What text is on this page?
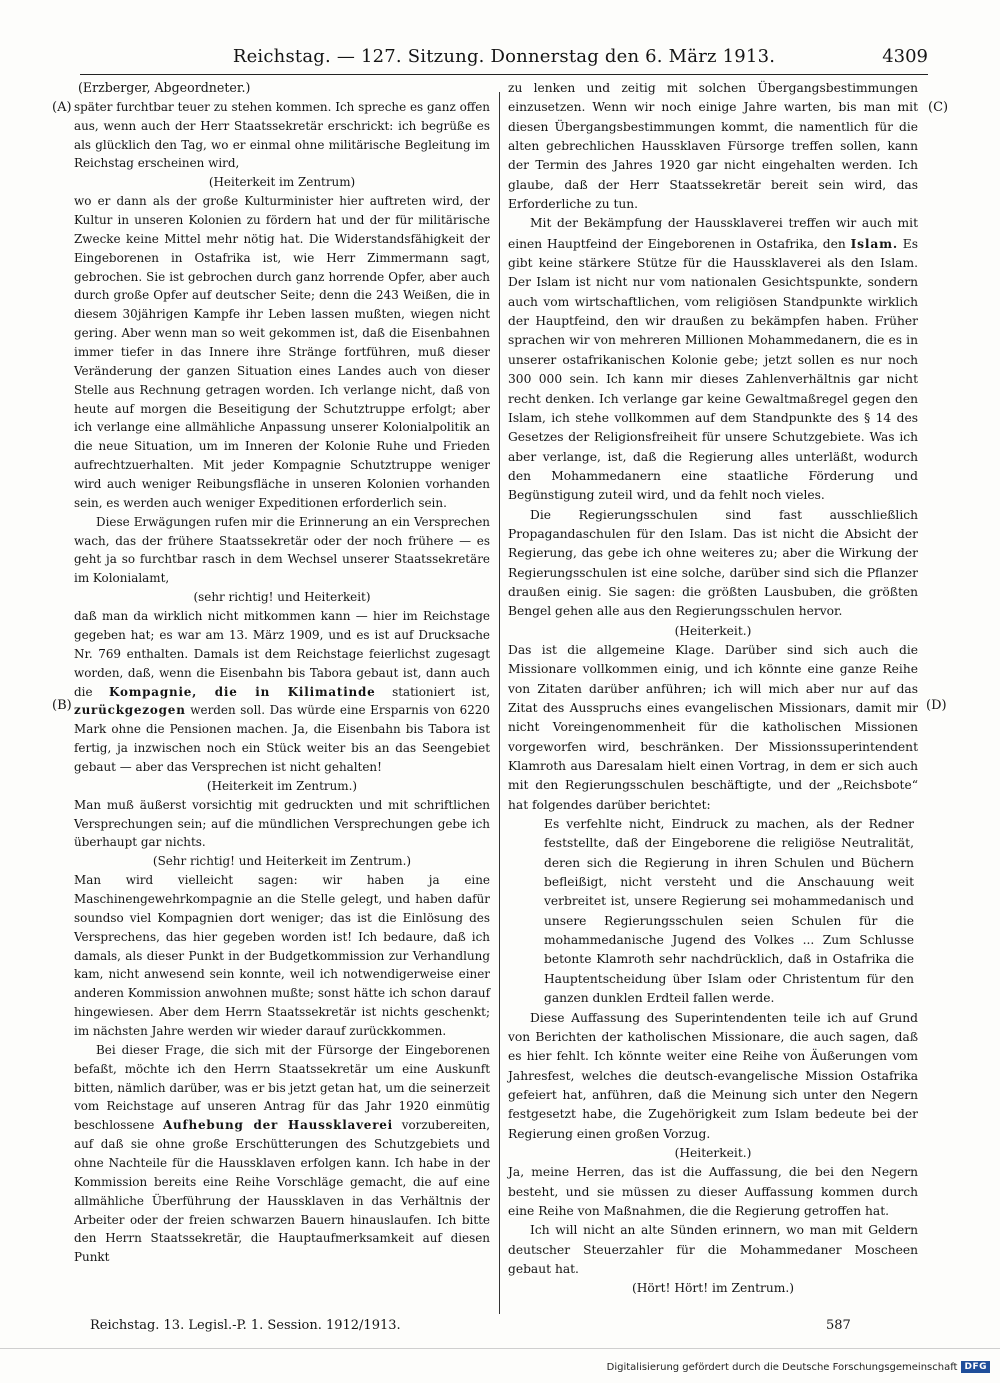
Reichstag. — 127. Sitzung. Donnerstag den 6. März 1913.	4309
(A)
(B)
(C)
(D)

(Erzberger, Abgeordneter.)

später furchtbar teuer zu stehen kommen. Ich spreche es ganz offen aus, wenn auch der Herr Staatssekretär erschrickt: ich begrüße es als glücklich den Tag, wo er einmal ohne militärische Begleitung im Reichstag erscheinen wird,

(Heiterkeit im Zentrum)

wo er dann als der große Kulturminister hier auftreten wird, der Kultur in unseren Kolonien zu fördern hat und der für militärische Zwecke keine Mittel mehr nötig hat. Die Widerstandsfähigkeit der Eingeborenen in Ostafrika ist, wie Herr Zimmermann sagt, gebrochen. Sie ist gebrochen durch ganz horrende Opfer, aber auch durch große Opfer auf deutscher Seite; denn die 243 Weißen, die in diesem 30jährigen Kampfe ihr Leben lassen mußten, wiegen nicht gering. Aber wenn man so weit gekommen ist, daß die Eisenbahnen immer tiefer in das Innere ihre Stränge fortführen, muß dieser Veränderung der ganzen Situation eines Landes auch von dieser Stelle aus Rechnung getragen worden. Ich verlange nicht, daß von heute auf morgen die Beseitigung der Schutztruppe erfolgt; aber ich verlange eine allmähliche Anpassung unserer Kolonialpolitik an die neue Situation, um im Inneren der Kolonie Ruhe und Frieden aufrechtzuerhalten. Mit jeder Kompagnie Schutztruppe weniger wird auch weniger Reibungsfläche in unseren Kolonien vorhanden sein, es werden auch weniger Expeditionen erforderlich sein.

Diese Erwägungen rufen mir die Erinnerung an ein Versprechen wach, das der frühere Staatssekretär oder der noch frühere — es geht ja so furchtbar rasch in dem Wechsel unserer Staatssekretäre im Kolonialamt,

(sehr richtig! und Heiterkeit)

daß man da wirklich nicht mitkommen kann — hier im Reichstage gegeben hat; es war am 13. März 1909, und es ist auf Drucksache Nr. 769 enthalten. Damals ist dem Reichstage feierlichst zugesagt worden, daß, wenn die Eisenbahn bis Tabora gebaut ist, dann auch die Kompagnie, die in Kilimatinde stationiert ist, zurückgezogen werden soll. Das würde eine Ersparnis von 6220 Mark ohne die Pensionen machen. Ja, die Eisenbahn bis Tabora ist fertig, ja inzwischen noch ein Stück weiter bis an das Seengebiet gebaut — aber das Versprechen ist nicht gehalten!

(Heiterkeit im Zentrum.)

Man muß äußerst vorsichtig mit gedruckten und mit schriftlichen Versprechungen sein; auf die mündlichen Versprechungen gebe ich überhaupt gar nichts.

(Sehr richtig! und Heiterkeit im Zentrum.)

Man wird vielleicht sagen: wir haben ja eine Maschinengewehrkompagnie an die Stelle gelegt, und haben dafür soundso viel Kompagnien dort weniger; das ist die Einlösung des Versprechens, das hier gegeben worden ist! Ich bedaure, daß ich damals, als dieser Punkt in der Budgetkommission zur Verhandlung kam, nicht anwesend sein konnte, weil ich notwendigerweise einer anderen Kommission anwohnen mußte; sonst hätte ich schon darauf hingewiesen. Aber dem Herrn Staatssekretär ist nichts geschenkt; im nächsten Jahre werden wir wieder darauf zurückkommen.

Bei dieser Frage, die sich mit der Fürsorge der Eingeborenen befaßt, möchte ich den Herrn Staatssekretär um eine Auskunft bitten, nämlich darüber, was er bis jetzt getan hat, um die seinerzeit vom Reichstage auf unseren Antrag für das Jahr 1920 einmütig beschlossene Aufhebung der Haussklaverei vorzubereiten, auf daß sie ohne große Erschütterungen des Schutzgebiets und ohne Nachteile für die Haussklaven erfolgen kann. Ich habe in der Kommission bereits eine Reihe Vorschläge gemacht, die auf eine allmähliche Überführung der Haussklaven in das Verhältnis der Arbeiter oder der freien schwarzen Bauern hinauslaufen. Ich bitte den Herrn Staatssekretär, die Hauptaufmerksamkeit auf diesen Punkt

zu lenken und zeitig mit solchen Übergangsbestimmungen einzusetzen. Wenn wir noch einige Jahre warten, bis man mit diesen Übergangsbestimmungen kommt, die namentlich für die alten gebrechlichen Haussklaven Fürsorge treffen sollen, kann der Termin des Jahres 1920 gar nicht eingehalten werden. Ich glaube, daß der Herr Staatssekretär bereit sein wird, das Erforderliche zu tun.

Mit der Bekämpfung der Haussklaverei treffen wir auch mit einen Hauptfeind der Eingeborenen in Ostafrika, den Islam. Es gibt keine stärkere Stütze für die Haussklaverei als den Islam. Der Islam ist nicht nur vom nationalen Gesichtspunkte, sondern auch vom wirtschaftlichen, vom religiösen Standpunkte wirklich der Hauptfeind, den wir draußen zu bekämpfen haben. Früher sprachen wir von mehreren Millionen Mohammedanern, die es in unserer ostafrikanischen Kolonie gebe; jetzt sollen es nur noch 300 000 sein. Ich kann mir dieses Zahlenverhältnis gar nicht recht denken. Ich verlange gar keine Gewaltmaßregel gegen den Islam, ich stehe vollkommen auf dem Standpunkte des § 14 des Gesetzes der Religionsfreiheit für unsere Schutzgebiete. Was ich aber verlange, ist, daß die Regierung alles unterläßt, wodurch den Mohammedanern eine staatliche Förderung und Begünstigung zuteil wird, und da fehlt noch vieles.

Die Regierungsschulen sind fast ausschließlich Propagandaschulen für den Islam. Das ist nicht die Absicht der Regierung, das gebe ich ohne weiteres zu; aber die Wirkung der Regierungsschulen ist eine solche, darüber sind sich die Pflanzer draußen einig. Sie sagen: die größten Lausbuben, die größten Bengel gehen alle aus den Regierungsschulen hervor.

(Heiterkeit.)

Das ist die allgemeine Klage. Darüber sind sich auch die Missionare vollkommen einig, und ich könnte eine ganze Reihe von Zitaten darüber anführen; ich will mich aber nur auf das Zitat des Ausspruchs eines evangelischen Missionars, damit mir nicht Voreingenommenheit für die katholischen Missionen vorgeworfen wird, beschränken. Der Missionssuperintendent Klamroth aus Daresalam hielt einen Vortrag, in dem er sich auch mit den Regierungsschulen beschäftigte, und der „Reichsbote“ hat folgendes darüber berichtet:

Es verfehlte nicht, Eindruck zu machen, als der Redner feststellte, daß der Eingeborene die religiöse Neutralität, deren sich die Regierung in ihren Schulen und Büchern befleißigt, nicht versteht und die Anschauung weit verbreitet ist, unsere Regierung sei mohammedanisch und unsere Regierungsschulen seien Schulen für die mohammedanische Jugend des Volkes ... Zum Schlusse betonte Klamroth sehr nachdrücklich, daß in Ostafrika die Hauptentscheidung über Islam oder Christentum für den ganzen dunklen Erdteil fallen werde.

Diese Auffassung des Superintendenten teile ich auf Grund von Berichten der katholischen Missionare, die auch sagen, daß es hier fehlt. Ich könnte weiter eine Reihe von Äußerungen vom Jahresfest, welches die deutsch-evangelische Mission Ostafrika gefeiert hat, anführen, daß die Meinung sich unter den Negern festgesetzt habe, die Zugehörigkeit zum Islam bedeute bei der Regierung einen großen Vorzug.

(Heiterkeit.)

Ja, meine Herren, das ist die Auffassung, die bei den Negern besteht, und sie müssen zu dieser Auffassung kommen durch eine Reihe von Maßnahmen, die die Regierung getroffen hat.

Ich will nicht an alte Sünden erinnern, wo man mit Geldern deutscher Steuerzahler für die Mohammedaner Moscheen gebaut hat.

(Hört! Hört! im Zentrum.)

Reichstag. 13. Legisl.-P. 1. Session. 1912/1913.	587
Digitalisierung gefördert durch die Deutsche Forschungsgemeinschaft DFG
